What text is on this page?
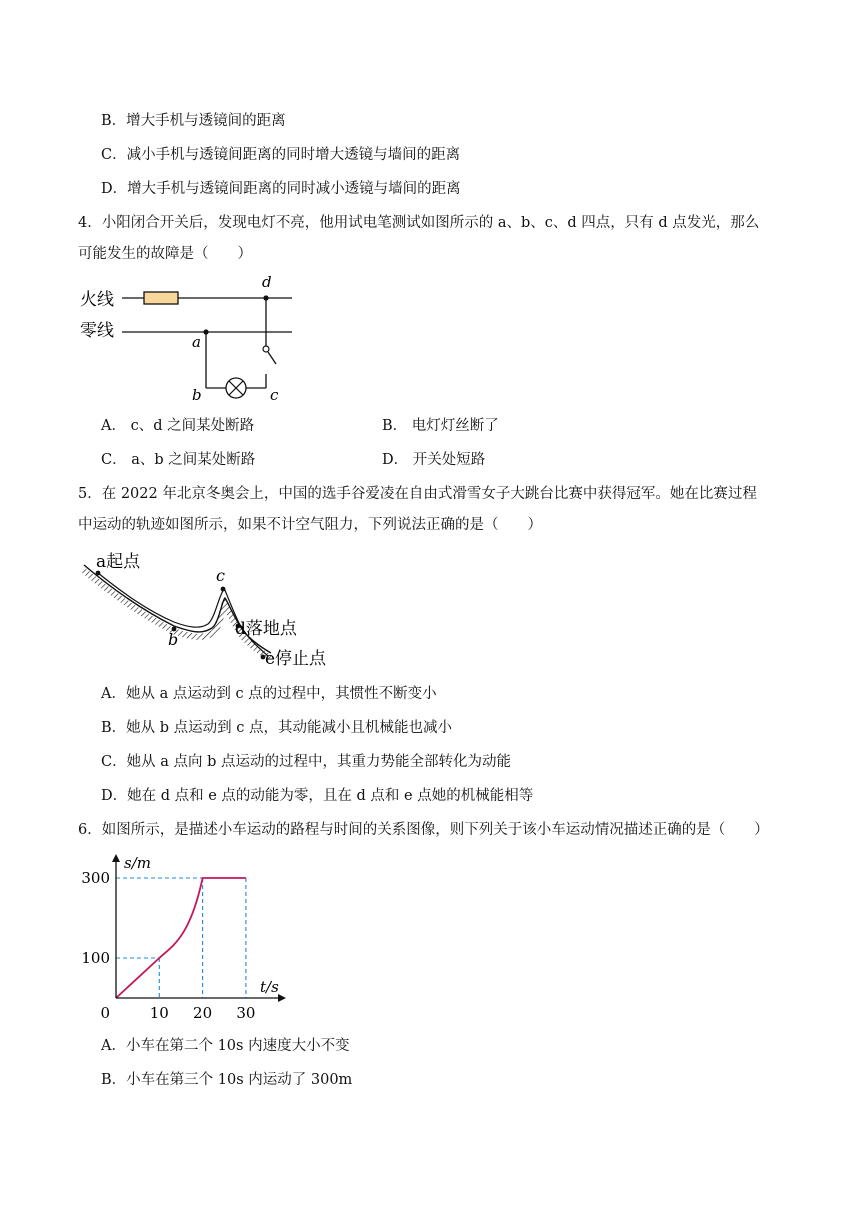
B．增大手机与透镜间的距离
C．减小手机与透镜间距离的同时增大透镜与墙间的距离
D．增大手机与透镜间距离的同时减小透镜与墙间的距离
4．小阳闭合开关后，发现电灯不亮，他用试电笔测试如图所示的 a、b、c、d 四点，只有 d 点发光，那么
可能发生的故障是（　　）
火线
零线
d
a
b	c
A． c、d 之间某处断路	B． 电灯灯丝断了
C． a、b 之间某处断路	D． 开关处短路
5．在 2022 年北京冬奥会上，中国的选手谷爱凌在自由式滑雪女子大跳台比赛中获得冠军。她在比赛过程
中运动的轨迹如图所示，如果不计空气阻力，下列说法正确的是（　　）
a起点
b
c
d落地点
e停止点
A．她从 a 点运动到 c 点的过程中，其惯性不断变小
B．她从 b 点运动到 c 点，其动能减小且机械能也减小
C．她从 a 点向 b 点运动的过程中，其重力势能全部转化为动能
D．她在 d 点和 e 点的动能为零，且在 d 点和 e 点她的机械能相等
6．如图所示，是描述小车运动的路程与时间的关系图像，则下列关于该小车运动情况描述正确的是（　　）
s/m
t/s
0	10 20 30
100
300
A．小车在第二个 10s 内速度大小不变
B．小车在第三个 10s 内运动了 300m
